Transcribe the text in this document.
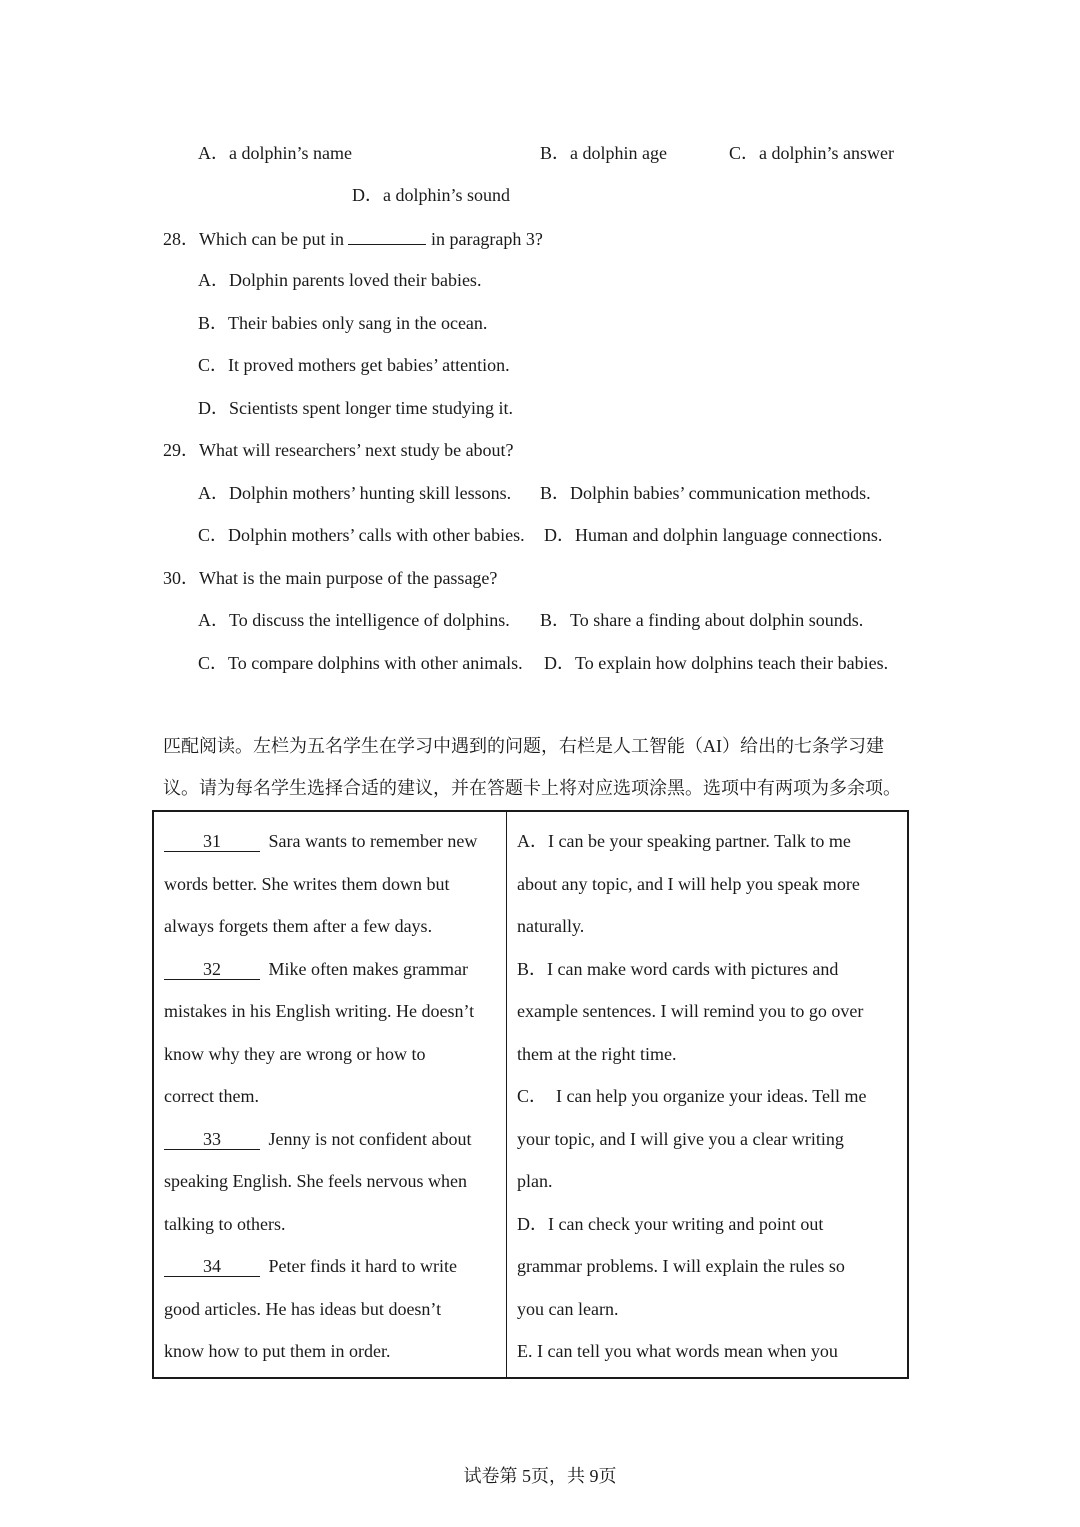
A．a dolphin’s name	B．a dolphin age	C．a dolphin’s answer
D．a dolphin’s sound
28．Which can be put in	in paragraph 3?
A．Dolphin parents loved their babies.
B．Their babies only sang in the ocean.
C．It proved mothers get babies’ attention.
D．Scientists spent longer time studying it.
29．What will researchers’ next study be about?
A．Dolphin mothers’ hunting skill lessons. B．Dolphin babies’ communication methods.
C．Dolphin mothers’ calls with other babies. D．Human and dolphin language connections.
30．What is the main purpose of the passage?
A．To discuss the intelligence of dolphins. B．To share a finding about dolphin sounds.
C．To compare dolphins with other animals. D．To explain how dolphins teach their babies.
匹配阅读。左栏为五名学生在学习中遇到的问题，右栏是人工智能（AI）给出的七条学习建
议。请为每名学生选择合适的建议，并在答题卡上将对应选项涂黑。选项中有两项为多余项。
31	Sara wants to remember new
words better. She writes them down but
always forgets them after a few days.
32	Mike often makes grammar
mistakes in his English writing. He doesn’t
know why they are wrong or how to
correct them.
33	Jenny is not confident about
speaking English. She feels nervous when
talking to others.
34	Peter finds it hard to write
good articles. He has ideas but doesn’t
know how to put them in order.

A．I can be your speaking partner. Talk to me
about any topic, and I will help you speak more
naturally.
B．I can make word cards with pictures and
example sentences. I will remind you to go over
them at the right time.
C．  I can help you organize your ideas. Tell me
your topic, and I will give you a clear writing
plan.
D．I can check your writing and point out
grammar problems. I will explain the rules so
you can learn.
E. I can tell you what words mean when you
试卷第 5页，共 9页
